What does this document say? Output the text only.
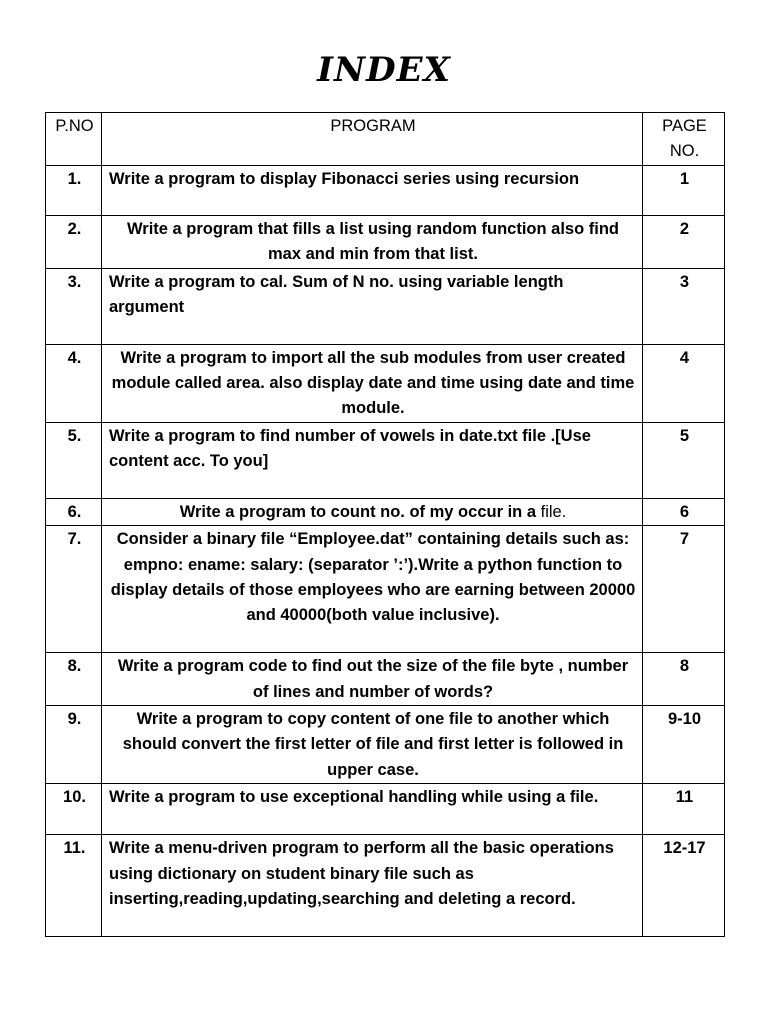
INDEX
P.NO	PROGRAM	PAGE NO.
1.	Write a program to display Fibonacci series using recursion	1
2.	Write a program that fills a list using random function also find max and min from that list.	2
3.	Write a program to cal. Sum of N no. using variable length argument	3
4.	Write a program to import all the sub modules from user created module called area. also display date and time using date and time module.	4
5.	Write a program to find number of vowels in date.txt file .[Use content acc. To you]	5
6.	Write a program to count no. of my occur in a file.	6
7.	Consider a binary file “Employee.dat” containing details such as: empno: ename: salary: (separator ’:’).Write a python function to display details of those employees who are earning between 20000 and 40000(both value inclusive).	7
8.	Write a program code to find out the size of the file byte , number of lines and number of words?	8
9.	Write a program to copy content of one file to another which should convert the first letter of file and first letter is followed in upper case.	9-10
10.	Write a program to use exceptional handling while using a file.	11
11.	Write a menu-driven program to perform all the basic operations using dictionary on student binary file such as inserting,reading,updating,searching and deleting a record.	12-17
